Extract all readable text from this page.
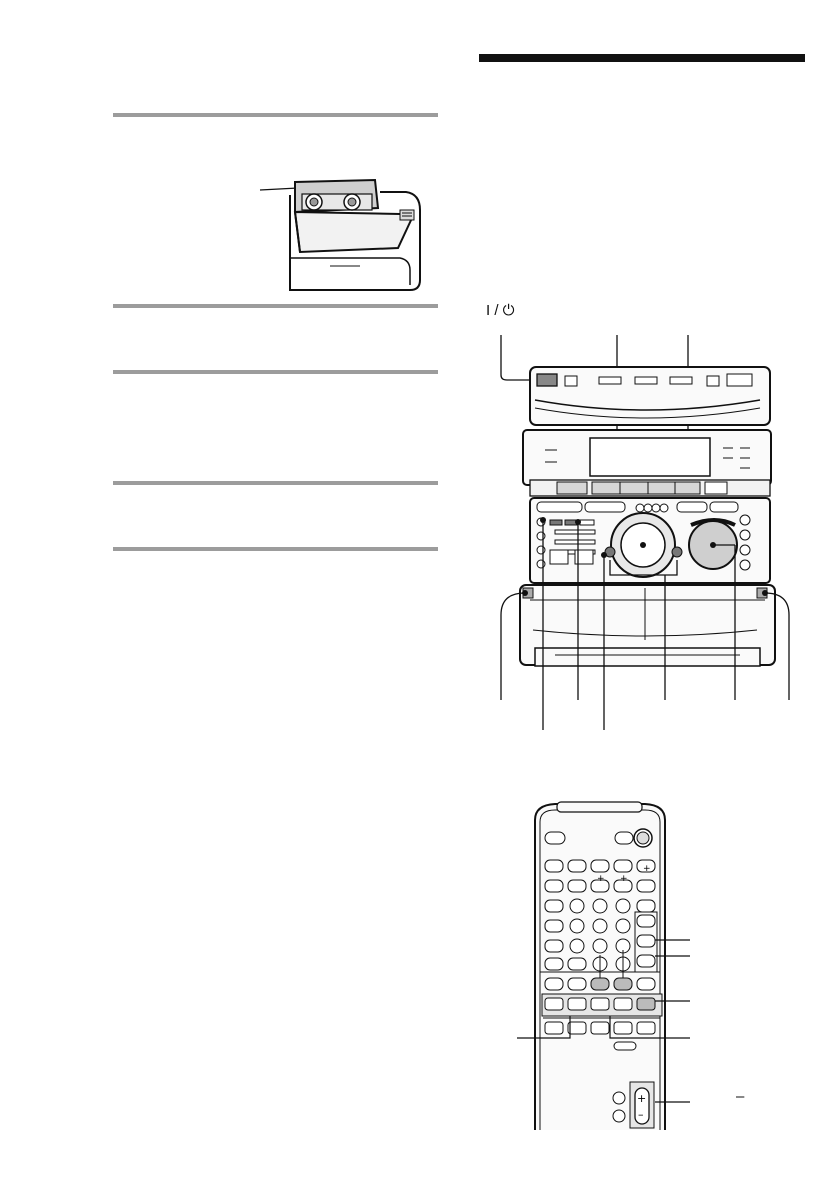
I / ⏻
+ +
+
+
–
–
